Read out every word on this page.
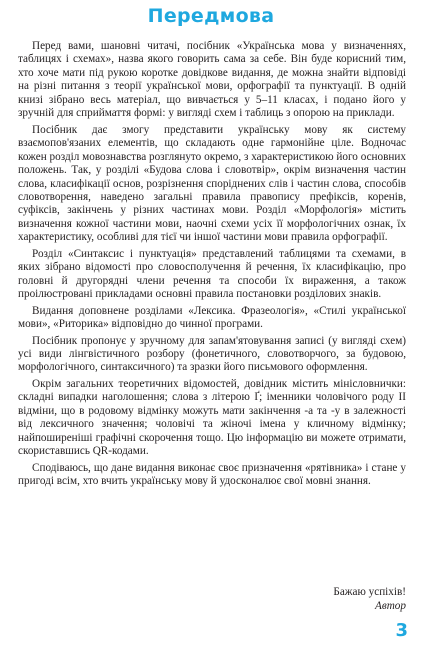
Передмова

Перед вами, шановні читачі, посібник «Українська мова у визначеннях, таблицях і схемах», назва якого говорить сама за себе. Він буде корисний тим, хто хоче мати під рукою коротке довідкове видання, де можна знайти відповіді на різні питання з теорії української мови, орфографії та пунктуації. В одній книзі зібрано весь матеріал, що вивчається у 5–11 класах, і подано його у зручній для сприймаття формі: у вигляді схем і таблиць з опорою на приклади.

Посібник дає змогу представити українську мову як систему взаємопов'язаних елементів, що складають одне гармонійне ціле. Водночас кожен розділ мовознавства розглянуто окремо, з характеристикою його основних положень. Так, у розділі «Будова слова і словотвір», окрім визначення частин слова, класифікації основ, розрізнення споріднених слів і частин слова, способів словотворення, наведено загальні правила правопису префіксів, коренів, суфіксів, закінчень у різних частинах мови. Розділ «Морфологія» містить визначення кожної частини мови, наочні схеми усіх її морфологічних ознак, їх характеристику, особливі для тієї чи іншої частини мови правила орфографії.

Розділ «Синтаксис і пунктуація» представлений таблицями та схемами, в яких зібрано відомості про словосполучення й речення, їх класифікацію, про головні й другорядні члени речення та способи їх вираження, а також проілюстровані прикладами основні правила постановки розділових знаків.

Видання доповнене розділами «Лексика. Фразеологія», «Стилі української мови», «Риторика» відповідно до чинної програми.

Посібник пропонує у зручному для запам'ятовування записі (у вигляді схем) усі види лінгвістичного розбору (фонетичного, словотворчого, за будовою, морфологічного, синтаксичного) та зразки його письмового оформлення.

Окрім загальних теоретичних відомостей, довідник містить мінісловнички: складні випадки наголошення; слова з літерою Ґ; іменники чоловічого роду ІІ відміни, що в родовому відмінку можуть мати закінчення -а та -у в залежності від лексичного значення; чоловічі та жіночі імена у кличному відмінку; найпоширеніші графічні скорочення тощо. Цю інформацію ви можете отримати, скориставшись QR-кодами.

Сподіваюсь, що дане видання виконає своє призначення «рятівника» і стане у пригоді всім, хто вчить українську мову й удосконалює свої мовні знання.

Бажаю успіхів!
Автор
3
